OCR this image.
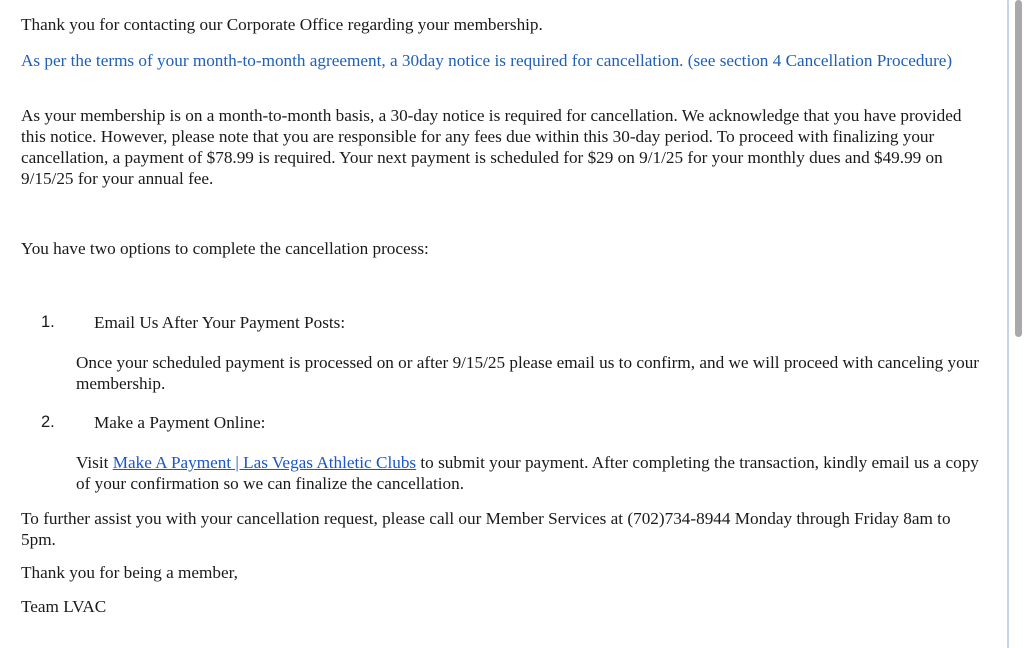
Thank you for contacting our Corporate Office regarding your membership.

As per the terms of your month-to-month agreement, a 30day notice is required for cancellation. (see section 4 Cancellation Procedure)

As your membership is on a month-to-month basis, a 30-day notice is required for cancellation. We acknowledge that you have provided this notice. However, please note that you are responsible for any fees due within this 30-day period. To proceed with finalizing your cancellation, a payment of $78.99 is required. Your next payment is scheduled for $29 on 9/1/25 for your monthly dues and $49.99 on 9/15/25 for your annual fee.

You have two options to complete the cancellation process:

1. Email Us After Your Payment Posts:

Once your scheduled payment is processed on or after 9/15/25 please email us to confirm, and we will proceed with canceling your membership.

2. Make a Payment Online:

Visit Make A Payment | Las Vegas Athletic Clubs to submit your payment. After completing the transaction, kindly email us a copy of your confirmation so we can finalize the cancellation.

To further assist you with your cancellation request, please call our Member Services at (702)734-8944 Monday through Friday 8am to 5pm.

Thank you for being a member,

Team LVAC
